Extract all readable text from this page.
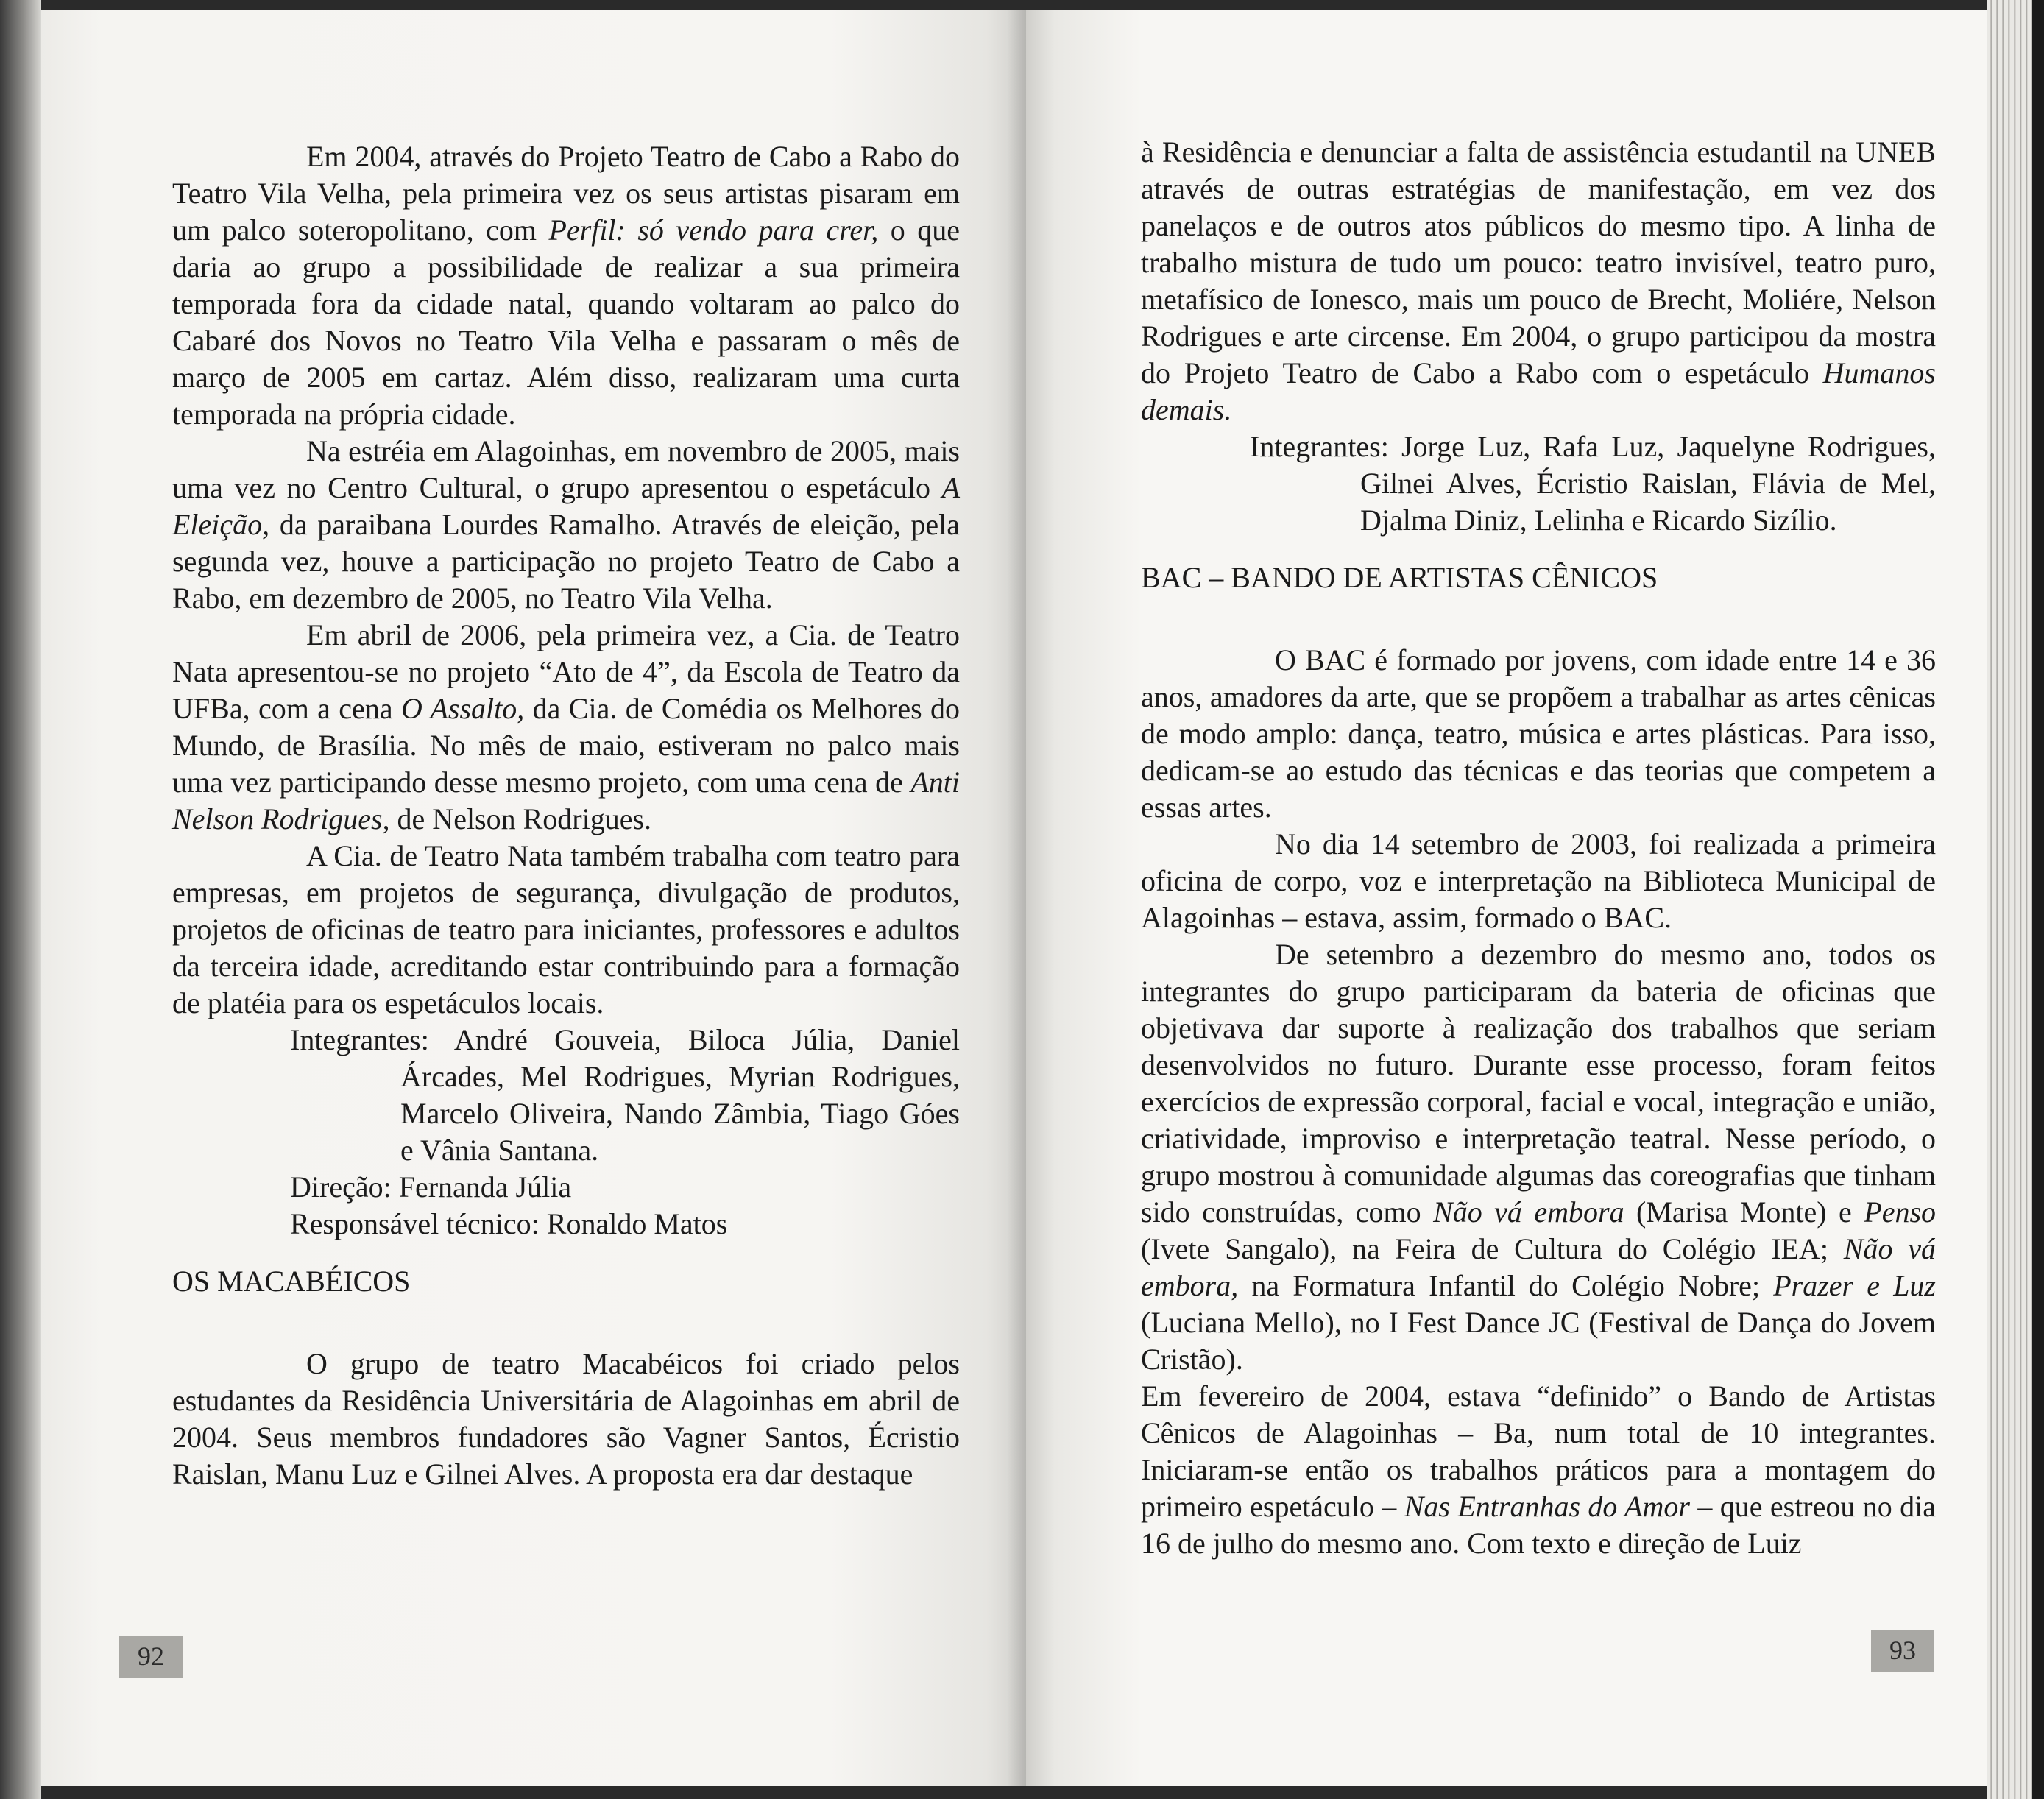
Em 2004, através do Projeto Teatro de Cabo a Rabo do Teatro Vila Velha, pela primeira vez os seus artistas pisaram em um palco soteropolitano, com Perfil: só vendo para crer, o que daria ao grupo a possibilidade de realizar a sua primeira temporada fora da cidade natal, quando voltaram ao palco do Cabaré dos Novos no Teatro Vila Velha e passaram o mês de março de 2005 em cartaz. Além disso, realizaram uma curta temporada na própria cidade.

Na estréia em Alagoinhas, em novembro de 2005, mais uma vez no Centro Cultural, o grupo apresentou o espetáculo A Eleição, da paraibana Lourdes Ramalho. Através de eleição, pela segunda vez, houve a participação no projeto Teatro de Cabo a Rabo, em dezembro de 2005, no Teatro Vila Velha.

Em abril de 2006, pela primeira vez, a Cia. de Teatro Nata apresentou-se no projeto “Ato de 4”, da Escola de Teatro da UFBa, com a cena O Assalto, da Cia. de Comédia os Melhores do Mundo, de Brasília. No mês de maio, estiveram no palco mais uma vez participando desse mesmo projeto, com uma cena de Anti Nelson Rodrigues, de Nelson Rodrigues.

A Cia. de Teatro Nata também trabalha com teatro para empresas, em projetos de segurança, divulgação de produtos, projetos de oficinas de teatro para iniciantes, professores e adultos da terceira idade, acreditando estar contribuindo para a formação de platéia para os espetáculos locais.

Integrantes: André Gouveia, Biloca Júlia, Daniel Árcades, Mel Rodrigues, Myrian Rodrigues, Marcelo Oliveira, Nando Zâmbia, Tiago Góes e Vânia Santana.

Direção: Fernanda Júlia

Responsável técnico: Ronaldo Matos

OS MACABÉICOS

O grupo de teatro Macabéicos foi criado pelos estudantes da Residência Universitária de Alagoinhas em abril de 2004. Seus membros fundadores são Vagner Santos, Écristio Raislan, Manu Luz e Gilnei Alves. A proposta era dar destaque

92

à Residência e denunciar a falta de assistência estudantil na UNEB através de outras estratégias de manifestação, em vez dos panelaços e de outros atos públicos do mesmo tipo. A linha de trabalho mistura de tudo um pouco: teatro invisível, teatro puro, metafísico de Ionesco, mais um pouco de Brecht, Moliére, Nelson Rodrigues e arte circense. Em 2004, o grupo participou da mostra do Projeto Teatro de Cabo a Rabo com o espetáculo Humanos demais.

Integrantes: Jorge Luz, Rafa Luz, Jaquelyne Rodrigues, Gilnei Alves, Écristio Raislan, Flávia de Mel, Djalma Diniz, Lelinha e Ricardo Sizílio.

BAC – BANDO DE ARTISTAS CÊNICOS

O BAC é formado por jovens, com idade entre 14 e 36 anos, amadores da arte, que se propõem a trabalhar as artes cênicas de modo amplo: dança, teatro, música e artes plásticas. Para isso, dedicam-se ao estudo das técnicas e das teorias que competem a essas artes.

No dia 14 setembro de 2003, foi realizada a primeira oficina de corpo, voz e interpretação na Biblioteca Municipal de Alagoinhas – estava, assim, formado o BAC.

De setembro a dezembro do mesmo ano, todos os integrantes do grupo participaram da bateria de oficinas que objetivava dar suporte à realização dos trabalhos que seriam desenvolvidos no futuro. Durante esse processo, foram feitos exercícios de expressão corporal, facial e vocal, integração e união, criatividade, improviso e interpretação teatral. Nesse período, o grupo mostrou à comunidade algumas das coreografias que tinham sido construídas, como Não vá embora (Marisa Monte) e Penso (Ivete Sangalo), na Feira de Cultura do Colégio IEA; Não vá embora, na Formatura Infantil do Colégio Nobre; Prazer e Luz (Luciana Mello), no I Fest Dance JC (Festival de Dança do Jovem Cristão).

Em fevereiro de 2004, estava “definido” o Bando de Artistas Cênicos de Alagoinhas – Ba, num total de 10 integrantes. Iniciaram-se então os trabalhos práticos para a montagem do primeiro espetáculo – Nas Entranhas do Amor – que estreou no dia 16 de julho do mesmo ano. Com texto e direção de Luiz

93
